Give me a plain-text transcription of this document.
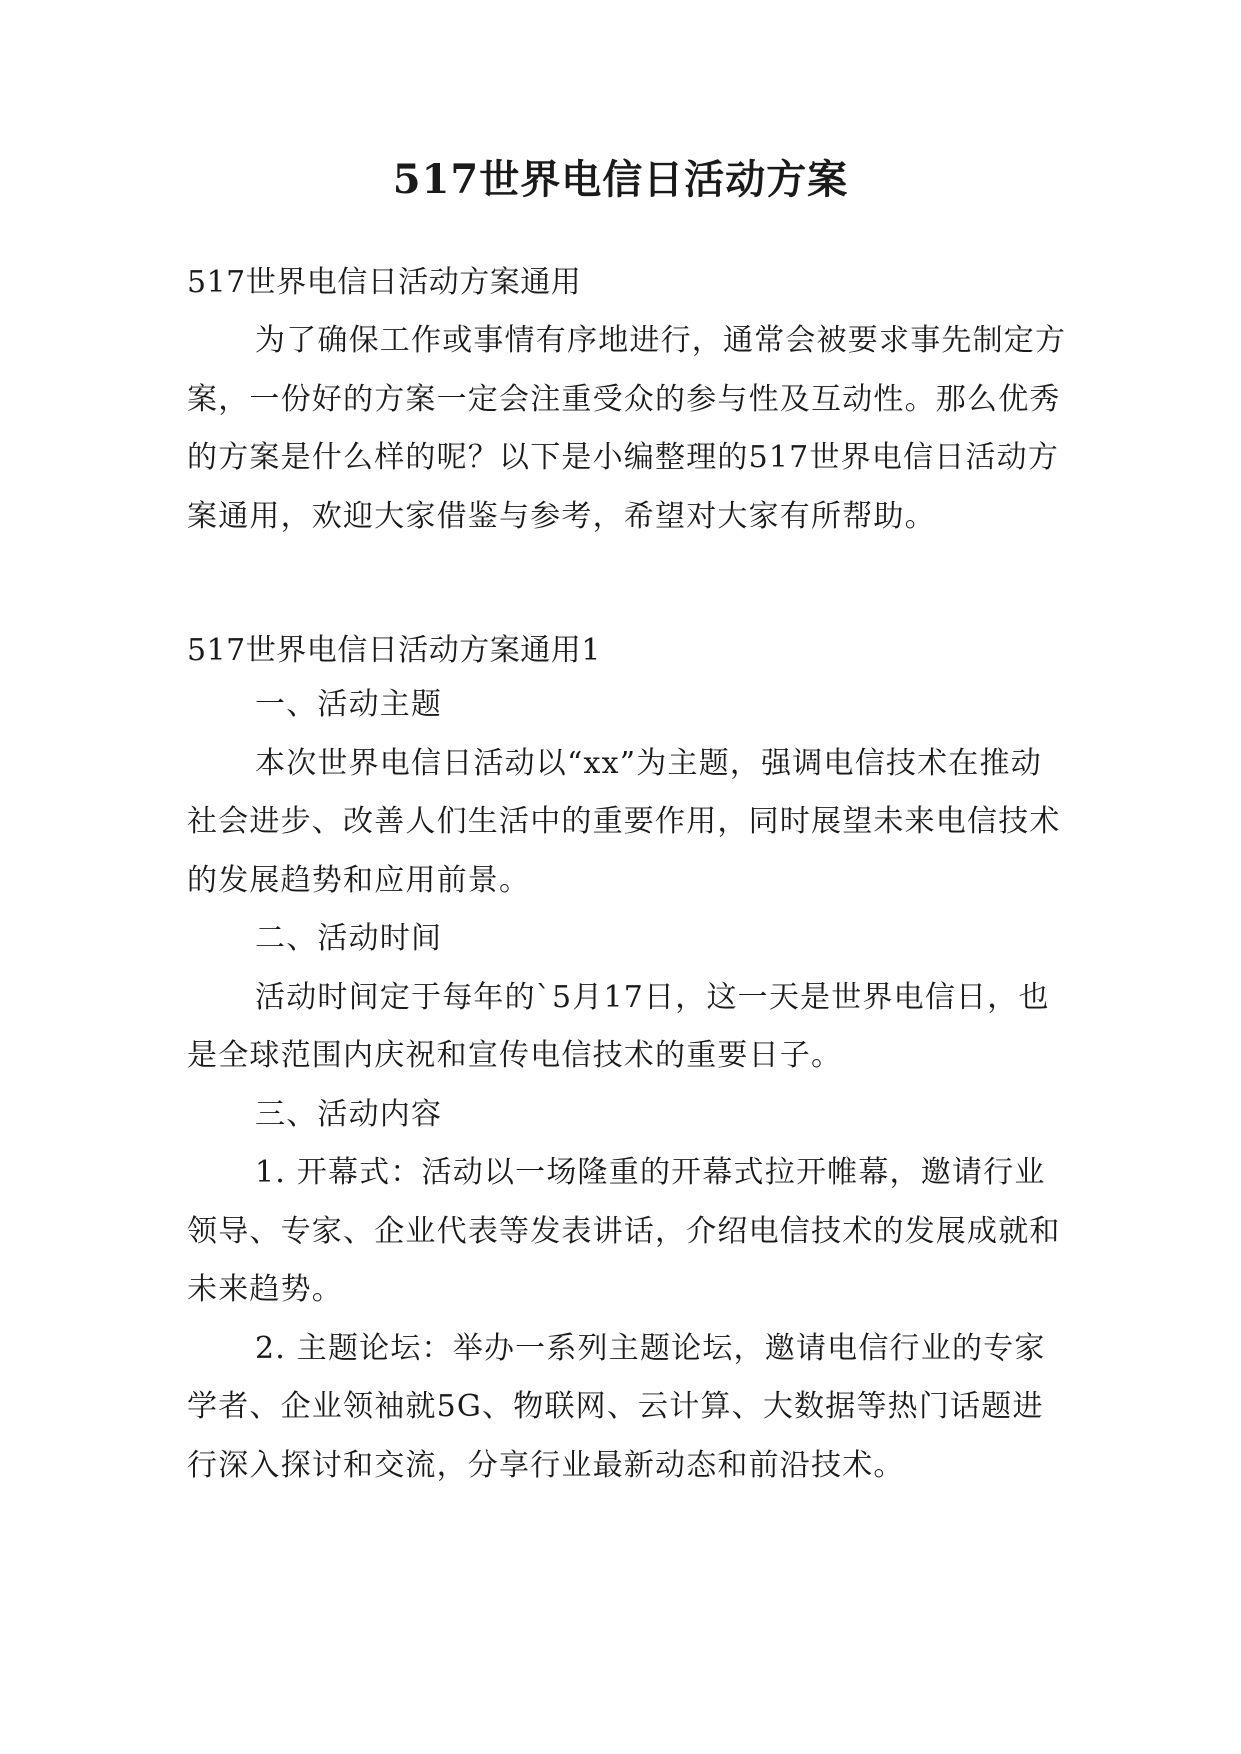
517世界电信日活动方案

517世界电信日活动方案通用

为了确保工作或事情有序地进行，通常会被要求事先制定方案，一份好的方案一定会注重受众的参与性及互动性。那么优秀的方案是什么样的呢？以下是小编整理的517世界电信日活动方案通用，欢迎大家借鉴与参考，希望对大家有所帮助。

517世界电信日活动方案通用1

一、活动主题

本次世界电信日活动以“xx”为主题，强调电信技术在推动社会进步、改善人们生活中的重要作用，同时展望未来电信技术的发展趋势和应用前景。

二、活动时间

活动时间定于每年的`5月17日，这一天是世界电信日，也是全球范围内庆祝和宣传电信技术的重要日子。

三、活动内容

1. 开幕式：活动以一场隆重的开幕式拉开帷幕，邀请行业领导、专家、企业代表等发表讲话，介绍电信技术的发展成就和未来趋势。

2. 主题论坛：举办一系列主题论坛，邀请电信行业的专家学者、企业领袖就5G、物联网、云计算、大数据等热门话题进行深入探讨和交流，分享行业最新动态和前沿技术。
